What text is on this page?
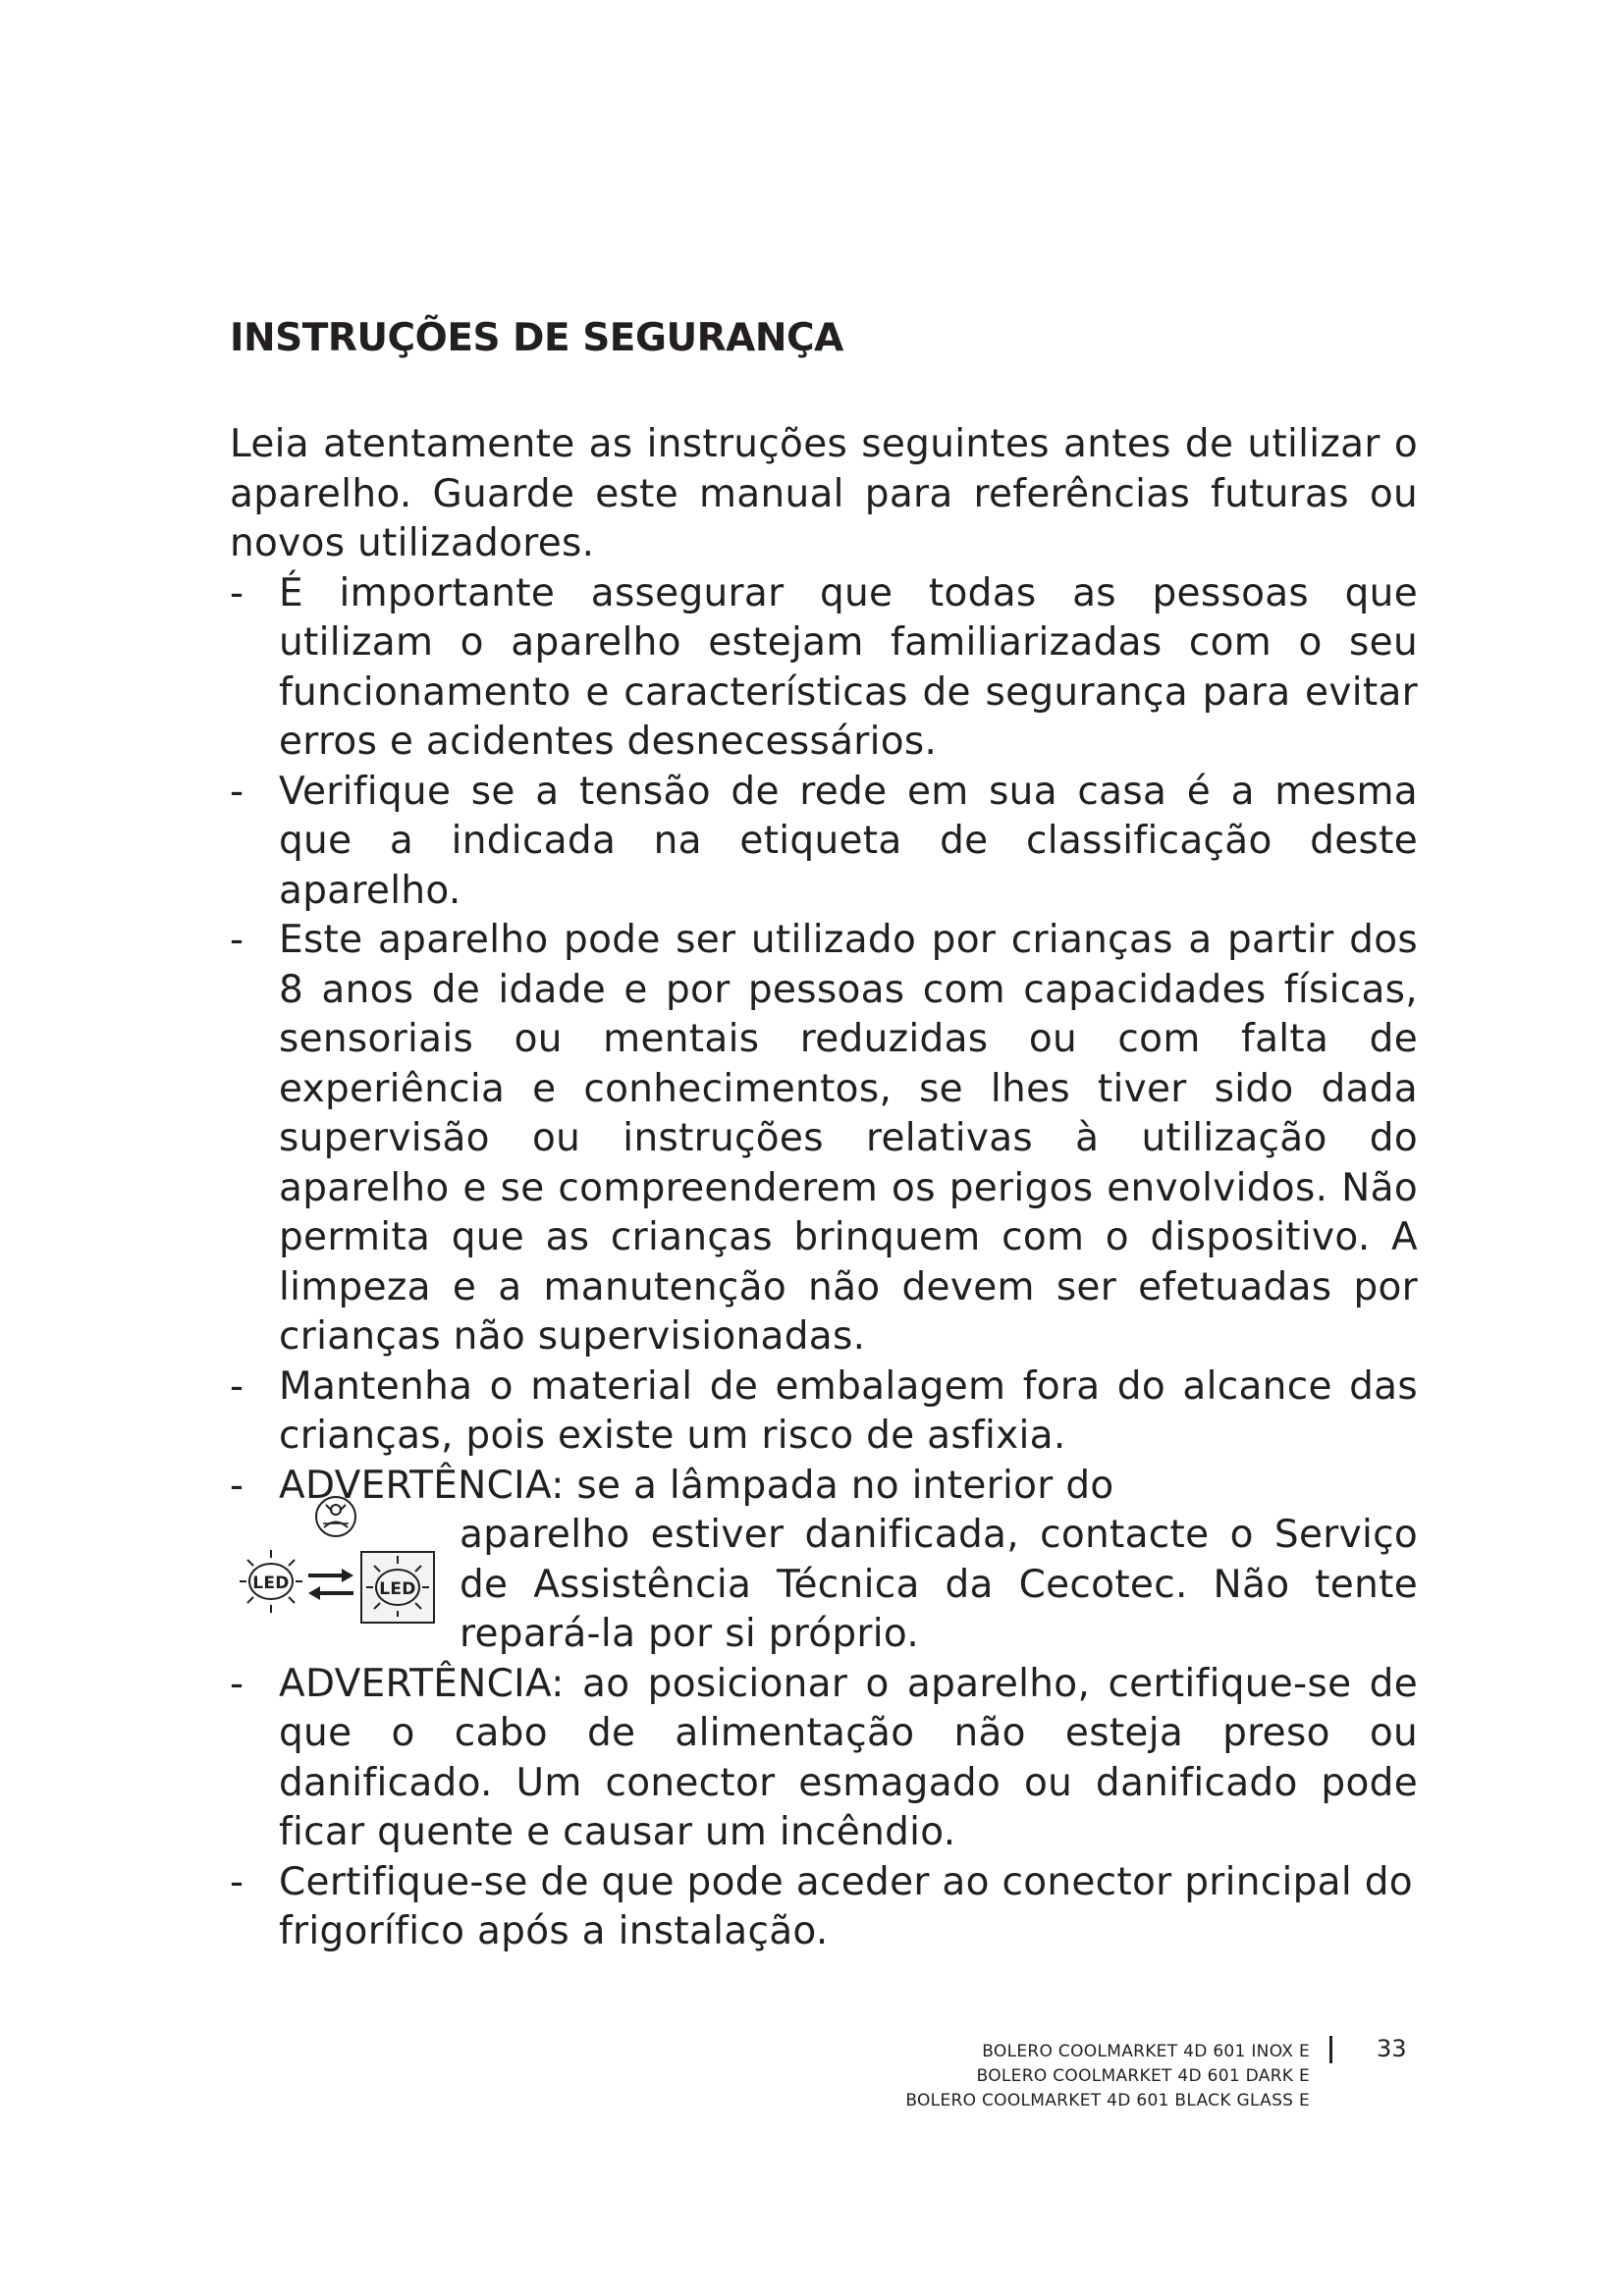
INSTRUÇÕES DE SEGURANÇA

Leia atentamente as instruções seguintes antes de utilizar o aparelho. Guarde este manual para referências futuras ou novos utilizadores.

- É importante assegurar que todas as pessoas que utilizam o aparelho estejam familiarizadas com o seu funcionamento e características de segurança para evitar erros e acidentes desnecessários.
- Verifique se a tensão de rede em sua casa é a mesma que a indicada na etiqueta de classificação deste aparelho.
- Este aparelho pode ser utilizado por crianças a partir dos 8 anos de idade e por pessoas com capacidades físicas, sensoriais ou mentais reduzidas ou com falta de experiência e conhecimentos, se lhes tiver sido dada supervisão ou instruções relativas à utilização do aparelho e se compreenderem os perigos envolvidos. Não permita que as crianças brinquem com o dispositivo. A limpeza e a manutenção não devem ser efetuadas por crianças não supervisionadas.
- Mantenha o material de embalagem fora do alcance das crianças, pois existe um risco de asfixia.
- ADVERTÊNCIA: se a lâmpada no interior do
LED	LED
aparelho estiver danificada, contacte o Serviço de Assistência Técnica da Cecotec. Não tente repará-la por si próprio.
- ADVERTÊNCIA: ao posicionar o aparelho, certifique-se de que o cabo de alimentação não esteja preso ou danificado. Um conector esmagado ou danificado pode ficar quente e causar um incêndio.
- Certifique-se de que pode aceder ao conector principal do frigorífico após a instalação.
BOLERO COOLMARKET 4D 601 INOX E
BOLERO COOLMARKET 4D 601 DARK E
BOLERO COOLMARKET 4D 601 BLACK GLASS E
33
